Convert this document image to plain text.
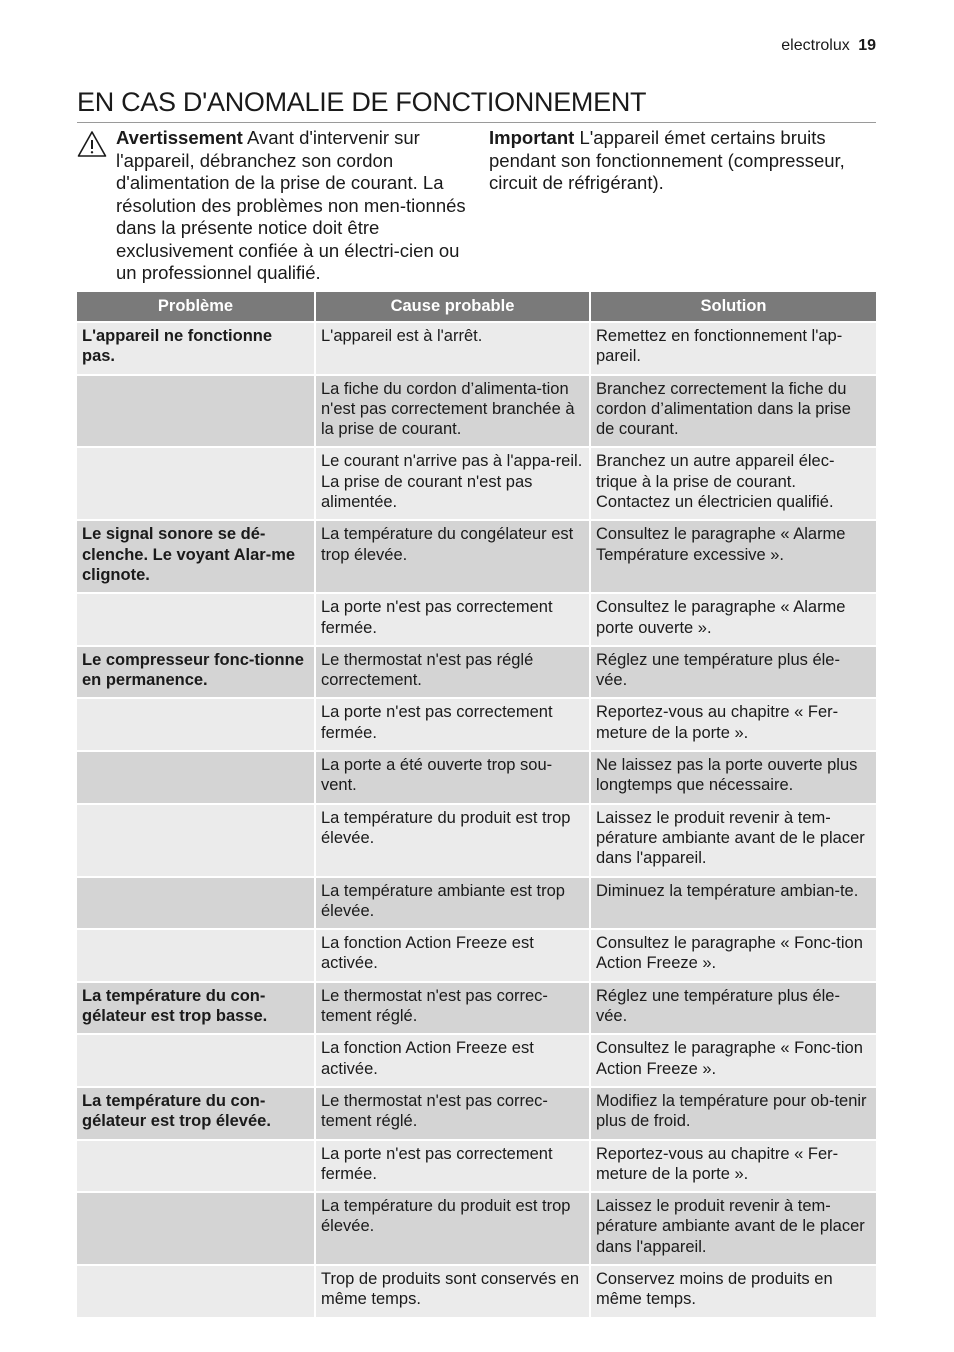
electrolux 19
EN CAS D'ANOMALIE DE FONCTIONNEMENT
Avertissement Avant d'intervenir sur l'appareil, débranchez son cordon d'alimentation de la prise de courant. La résolution des problèmes non men-tionnés dans la présente notice doit être exclusivement confiée à un électri-cien ou un professionnel qualifié.
Important L'appareil émet certains bruits pendant son fonctionnement (compresseur, circuit de réfrigérant).
Problème	Cause probable	Solution
L'appareil ne fonctionne pas.	L'appareil est à l'arrêt.	Remettez en fonctionnement l'ap-pareil.
	La fiche du cordon d’alimenta-tion n'est pas correctement branchée à la prise de courant.	Branchez correctement la fiche du cordon d’alimentation dans la prise de courant.
	Le courant n'arrive pas à l'appa-reil. La prise de courant n'est pas alimentée.	Branchez un autre appareil élec-trique à la prise de courant. Contactez un électricien qualifié.
Le signal sonore se dé-clenche. Le voyant Alar-me clignote.	La température du congélateur est trop élevée.	Consultez le paragraphe « Alarme Température excessive ».
	La porte n'est pas correctement fermée.	Consultez le paragraphe « Alarme porte ouverte ».
Le compresseur fonc-tionne en permanence.	Le thermostat n'est pas réglé correctement.	Réglez une température plus éle-vée.
	La porte n'est pas correctement fermée.	Reportez-vous au chapitre « Fer-meture de la porte ».
	La porte a été ouverte trop sou-vent.	Ne laissez pas la porte ouverte plus longtemps que nécessaire.
	La température du produit est trop élevée.	Laissez le produit revenir à tem-pérature ambiante avant de le placer dans l'appareil.
	La température ambiante est trop élevée.	Diminuez la température ambian-te.
	La fonction Action Freeze est activée.	Consultez le paragraphe « Fonc-tion Action Freeze ».
La température du con-gélateur est trop basse.	Le thermostat n'est pas correc-tement réglé.	Réglez une température plus éle-vée.
	La fonction Action Freeze est activée.	Consultez le paragraphe « Fonc-tion Action Freeze ».
La température du con-gélateur est trop élevée.	Le thermostat n'est pas correc-tement réglé.	Modifiez la température pour ob-tenir plus de froid.
	La porte n'est pas correctement fermée.	Reportez-vous au chapitre « Fer-meture de la porte ».
	La température du produit est trop élevée.	Laissez le produit revenir à tem-pérature ambiante avant de le placer dans l'appareil.
	Trop de produits sont conservés en même temps.	Conservez moins de produits en même temps.
